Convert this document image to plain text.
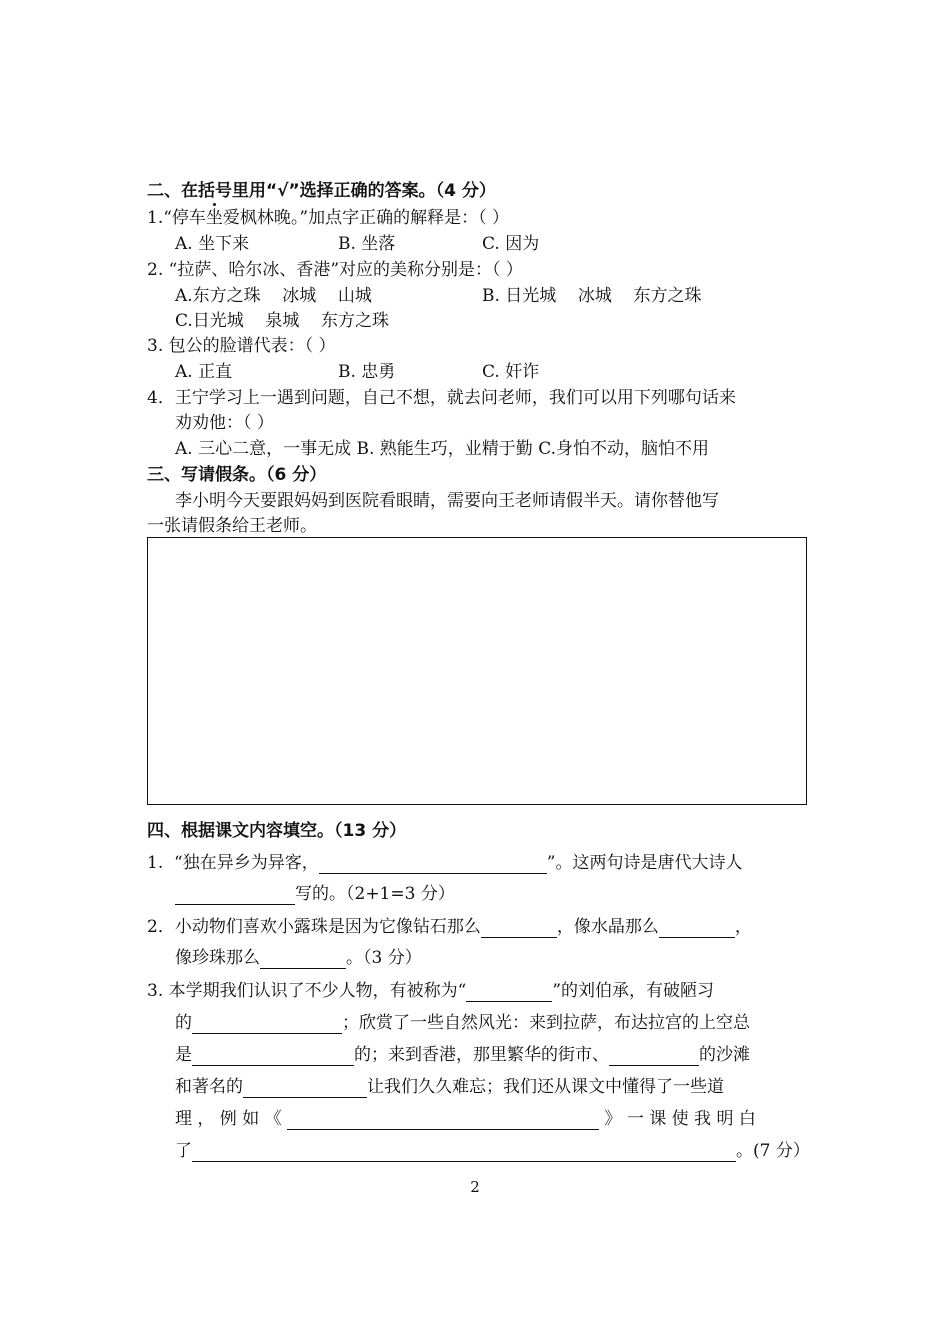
二、在括号里用“√”选择正确的答案。（4 分）
1.“停车坐爱枫林晚。”加点字正确的解释是：（ ）
A. 坐下来	B. 坐落	C. 因为
2. “拉萨、哈尔冰、香港”对应的美称分别是：（ ）
A.东方之珠    冰城    山城	B. 日光城    冰城    东方之珠
C.日光城    泉城    东方之珠
3. 包公的脸谱代表：（ ）
A. 正直	B. 忠勇	C. 奸诈
4．王宁学习上一遇到问题，自己不想，就去问老师，我们可以用下列哪句话来
劝劝他：（ ）
A. 三心二意，一事无成 B. 熟能生巧，业精于勤 C.身怕不动，脑怕不用
三、写请假条。（6 分）
李小明今天要跟妈妈到医院看眼睛，需要向王老师请假半天。请你替他写
一张请假条给王老师。
四、根据课文内容填空。（13 分）
1. “独在异乡为异客，	”。这两句诗是唐代大诗人
写的。（2+1=3 分）
2．小动物们喜欢小露珠是因为它像钻石那么	，像水晶那么	，
像珍珠那么	。（3 分）
3. 本学期我们认识了不少人物，有被称为“	”的刘伯承，有破陋习
的	；欣赏了一些自然风光：来到拉萨，布达拉宫的上空总
是	的；来到香港，那里繁华的街市、	的沙滩
和著名的	让我们久久难忘；我们还从课文中懂得了一些道
理 ， 例 如 《	》 一 课 使 我 明 白
了	。(7 分）
2
